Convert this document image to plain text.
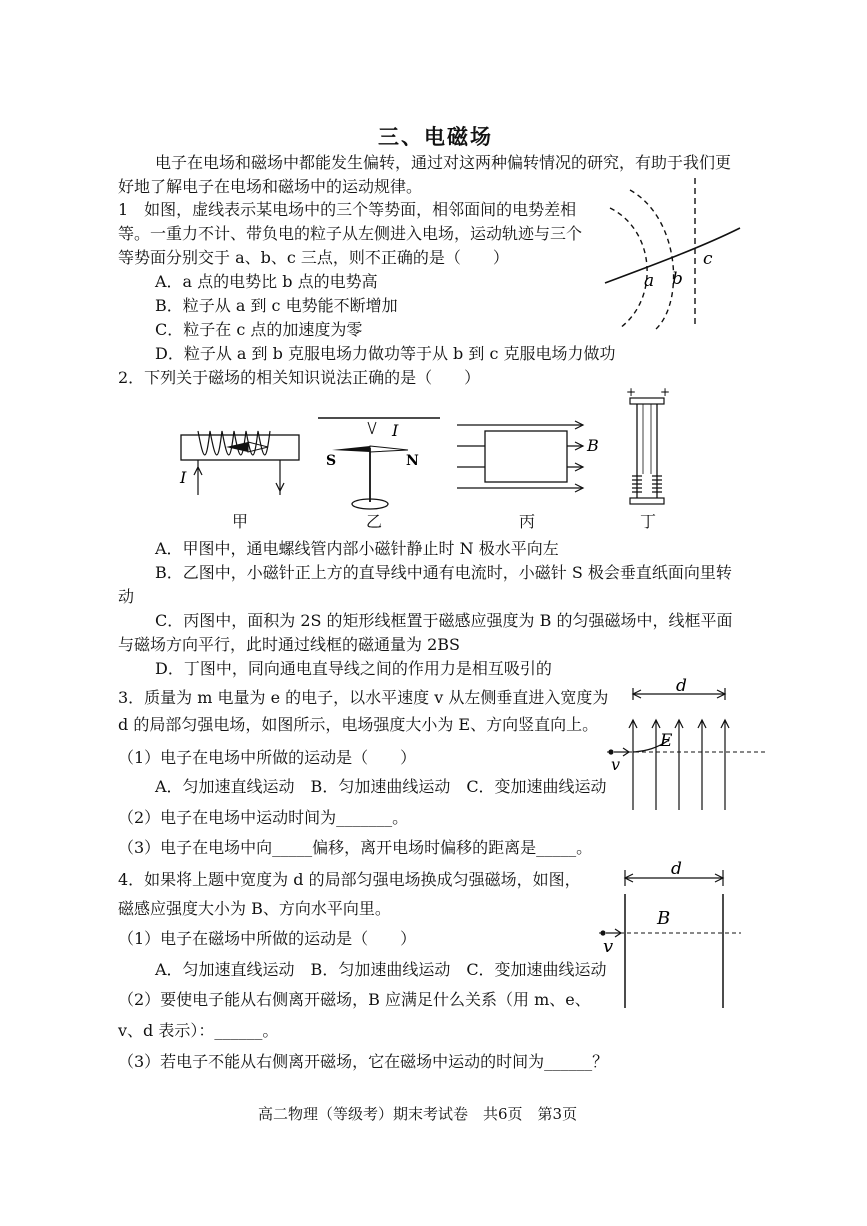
三、电磁场
电子在电场和磁场中都能发生偏转，通过对这两种偏转情况的研究，有助于我们更
好地了解电子在电场和磁场中的运动规律。
1　如图，虚线表示某电场中的三个等势面，相邻面间的电势差相
等。一重力不计、带负电的粒子从左侧进入电场，运动轨迹与三个
等势面分别交于 a、b、c 三点，则不正确的是（　　）
A．a 点的电势比 b 点的电势高
B．粒子从 a 到 c 电势能不断增加
C．粒子在 c 点的加速度为零
D．粒子从 a 到 b 克服电场力做功等于从 b 到 c 克服电场力做功
a b
c
2．下列关于磁场的相关知识说法正确的是（　　）
I
甲
I
S	N
乙
B
丙
+ +
丁
A．甲图中，通电螺线管内部小磁针静止时 N 极水平向左
B．乙图中，小磁针正上方的直导线中通有电流时，小磁针 S 极会垂直纸面向里转
动
C．丙图中，面积为 2S 的矩形线框置于磁感应强度为 B 的匀强磁场中，线框平面
与磁场方向平行，此时通过线框的磁通量为 2BS
D．丁图中，同向通电直导线之间的作用力是相互吸引的
3．质量为 m 电量为 e 的电子，以水平速度 v 从左侧垂直进入宽度为
d 的局部匀强电场，如图所示，电场强度大小为 E、方向竖直向上。
（1）电子在电场中所做的运动是（　　）
A．匀加速直线运动　B．匀加速曲线运动　C．变加速曲线运动
（2）电子在电场中运动时间为_______。
（3）电子在电场中向_____偏移，离开电场时偏移的距离是_____。
d
E
v
4．如果将上题中宽度为 d 的局部匀强电场换成匀强磁场，如图，
磁感应强度大小为 B、方向水平向里。
（1）电子在磁场中所做的运动是（　　）
A．匀加速直线运动　B．匀加速曲线运动　C．变加速曲线运动
（2）要使电子能从右侧离开磁场，B 应满足什么关系（用 m、e、
v、d 表示）：______。
（3）若电子不能从右侧离开磁场，它在磁场中运动的时间为______？
d
B
v
高二物理（等级考）期末考试卷　共6页　第3页
